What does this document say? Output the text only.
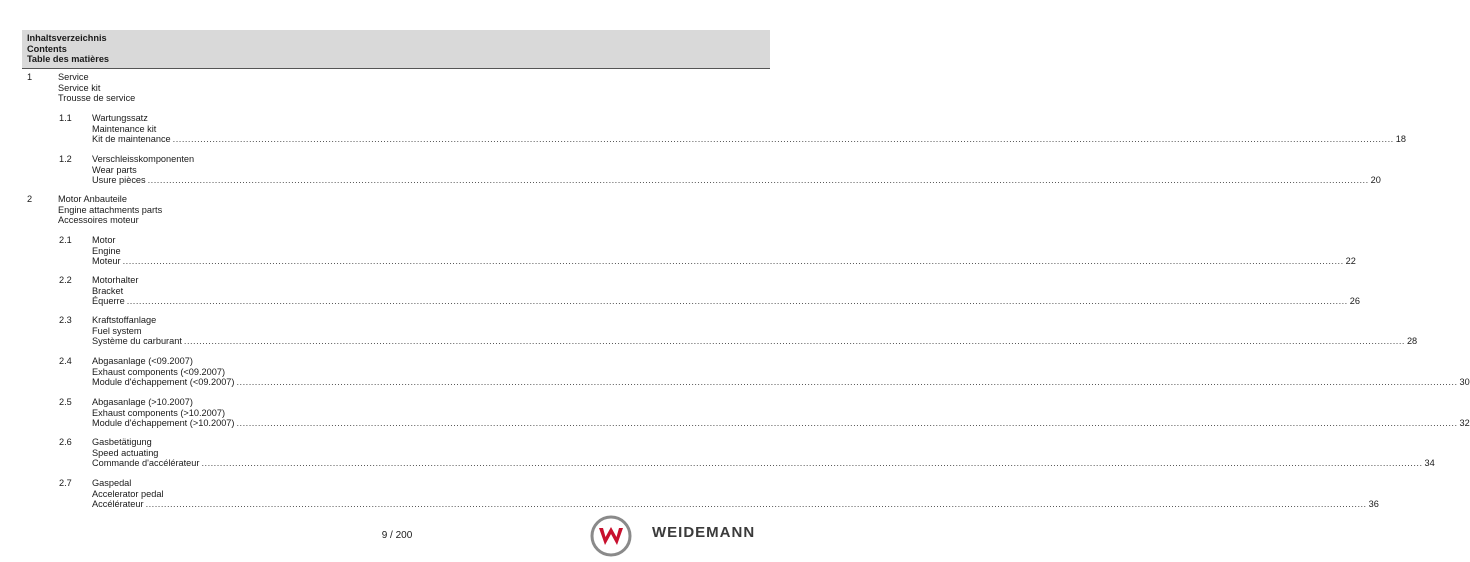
Inhaltsverzeichnis
Contents
Table des matières
1	Service
Service kit
Trousse de service
1.1 Wartungssatz
Maintenance kit
Kit de maintenance ................................................................................................................................................................................................................................................................................................................................................................................................................ 18
1.2 Verschleisskomponenten
Wear parts
Usure pièces ................................................................................................................................................................................................................................................................................................................................................................................................................ 20
2	Motor Anbauteile
Engine attachments parts
Accessoires moteur
2.1 Motor
Engine
Moteur ................................................................................................................................................................................................................................................................................................................................................................................................................ 22
2.2 Motorhalter
Bracket
Équerre ................................................................................................................................................................................................................................................................................................................................................................................................................ 26
2.3 Kraftstoffanlage
Fuel system
Système du carburant ................................................................................................................................................................................................................................................................................................................................................................................................................ 28
2.4 Abgasanlage (<09.2007)
Exhaust components (<09.2007)
Module d'échappement (<09.2007) ................................................................................................................................................................................................................................................................................................................................................................................................................ 30
2.5 Abgasanlage (>10.2007)
Exhaust components (>10.2007)
Module d'échappement (>10.2007) ................................................................................................................................................................................................................................................................................................................................................................................................................ 32
2.6 Gasbetätigung
Speed actuating
Commande d'accélérateur ................................................................................................................................................................................................................................................................................................................................................................................................................ 34
2.7 Gaspedal
Accelerator pedal
Accélérateur ................................................................................................................................................................................................................................................................................................................................................................................................................ 36
9 / 200	WEIDEMANN
